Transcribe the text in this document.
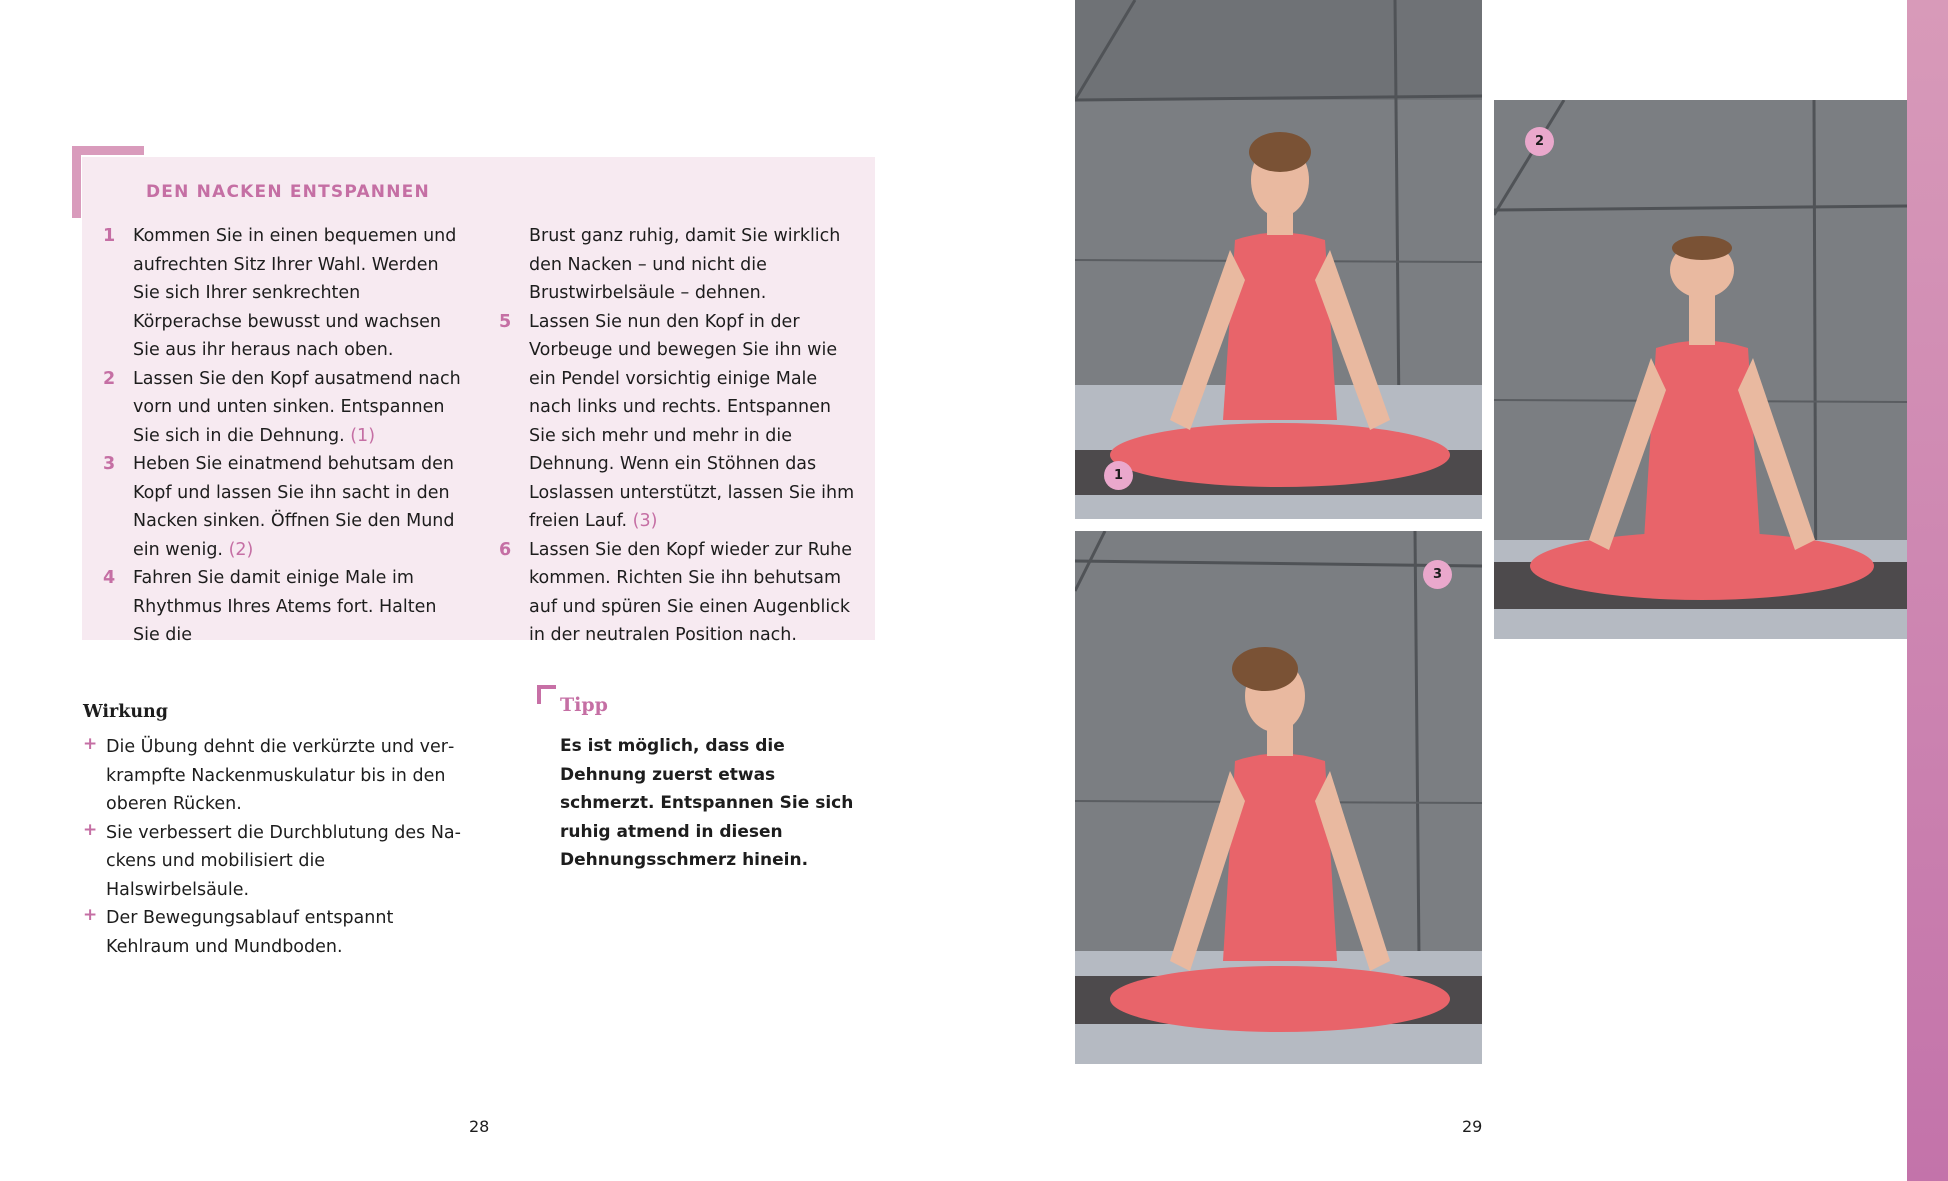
DEN NACKEN ENTSPANNEN
1 Kommen Sie in einen bequemen und aufrechten Sitz Ihrer Wahl. Werden Sie sich Ihrer senkrechten Körperachse bewusst und wachsen Sie aus ihr heraus nach oben.
2 Lassen Sie den Kopf ausatmend nach vorn und unten sinken. Entspannen Sie sich in die Dehnung. (1)
3 Heben Sie einatmend behutsam den Kopf und lassen Sie ihn sacht in den Nacken sinken. Öffnen Sie den Mund ein wenig. (2)
4 Fahren Sie damit einige Male im Rhythmus Ihres Atems fort. Halten Sie die
Brust ganz ruhig, damit Sie wirklich den Nacken – und nicht die Brustwirbelsäule – dehnen.
5 Lassen Sie nun den Kopf in der Vorbeuge und bewegen Sie ihn wie ein Pendel vorsichtig einige Male nach links und rechts. Entspannen Sie sich mehr und mehr in die Dehnung. Wenn ein Stöhnen das Loslassen unterstützt, lassen Sie ihm freien Lauf. (3)
6 Lassen Sie den Kopf wieder zur Ruhe kommen. Richten Sie ihn behutsam auf und spüren Sie einen Augenblick in der neutralen Position nach.
Wirkung
+ Die Übung dehnt die verkürzte und verkrampfte Nackenmuskulatur bis in den oberen Rücken.
+ Sie verbessert die Durchblutung des Nackens und mobilisiert die Halswirbelsäule.
+ Der Bewegungsablauf entspannt Kehlraum und Mundboden.
Tipp
Es ist möglich, dass die Dehnung zuerst etwas schmerzt. Entspannen Sie sich ruhig atmend in diesen Dehnungsschmerz hinein.
28
1
3
2
29
